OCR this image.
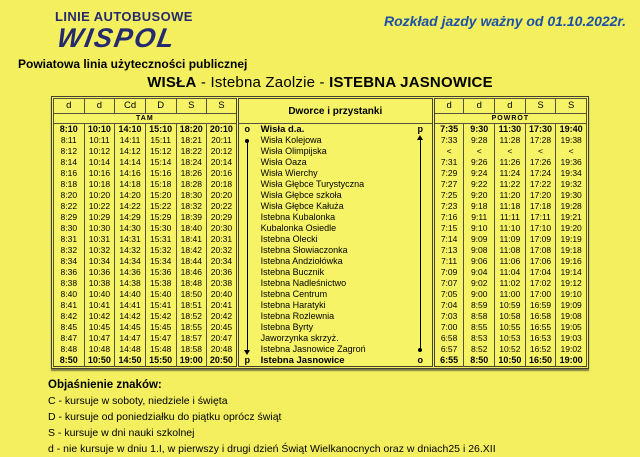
LINIE AUTOBUSOWE
WISPOL
Rozkład jazdy ważny od 01.10.2022r.
Powiatowa linia użyteczności publicznej
WISŁA - Istebna Zaolzie - ISTEBNA JASNOWICE
d	d	Cd	D	S	S	Dworce i przystanki			d	d	d	S	S
TAM									POWRÓT				
8:10	10:10	14:10	15:10	18:20	20:10	o	Wisła d.a.	p	7:35	9:30	11:30	17:30	19:40
8:11	10:11	14:11	15:11	18:21	20:11		Wisła Kolejowa		7:33	9:28	11:28	17:28	19:38
8:12	10:12	14:12	15:12	18:22	20:12		Wisła Olimpijska		<	<	<	<	<
8:14	10:14	14:14	15:14	18:24	20:14		Wisła Oaza		7:31	9:26	11:26	17:26	19:36
8:16	10:16	14:16	15:16	18:26	20:16		Wisła Wierchy		7:29	9:24	11:24	17:24	19:34
8:18	10:18	14:18	15:18	18:28	20:18		Wisła Głębce Turystyczna		7:27	9:22	11:22	17:22	19:32
8:20	10:20	14:20	15:20	18:30	20:20		Wisła Głębce szkoła		7:25	9:20	11:20	17:20	19:30
8:22	10:22	14:22	15:22	18:32	20:22		Wisła Głębce Kałuża		7:23	9:18	11:18	17:18	19:28
8:29	10:29	14:29	15:29	18:39	20:29		Istebna Kubalonka		7:16	9:11	11:11	17:11	19:21
8:30	10:30	14:30	15:30	18:40	20:30		Kubalonka Osiedle		7:15	9:10	11:10	17:10	19:20
8:31	10:31	14:31	15:31	18:41	20:31		Istebna Olecki		7:14	9:09	11:09	17:09	19:19
8:32	10:32	14:32	15:32	18:42	20:32		Istebna Słowiaczonka		7:13	9:08	11:08	17:08	19:18
8:34	10:34	14:34	15:34	18:44	20:34		Istebna Andziołówka		7:11	9:06	11:06	17:06	19:16
8:36	10:36	14:36	15:36	18:46	20:36		Istebna Bucznik		7:09	9:04	11:04	17:04	19:14
8:38	10:38	14:38	15:38	18:48	20:38		Istebna Nadleśnictwo		7:07	9:02	11:02	17:02	19:12
8:40	10:40	14:40	15:40	18:50	20:40		Istebna Centrum		7:05	9:00	11:00	17:00	19:10
8:41	10:41	14:41	15:41	18:51	20:41		Istebna Haratyki		7:04	8:59	10:59	16:59	19:09
8:42	10:42	14:42	15:42	18:52	20:42		Istebna Rozlewnia		7:03	8:58	10:58	16:58	19:08
8:45	10:45	14:45	15:45	18:55	20:45		Istebna Byrty		7:00	8:55	10:55	16:55	19:05
8:47	10:47	14:47	15:47	18:57	20:47		Jaworzynka skrzyż.		6:58	8:53	10:53	16:53	19:03
8:48	10:48	14:48	15:48	18:58	20:48		Istebna Jasnowice Zagroń		6:57	8:52	10:52	16:52	19:02
8:50	10:50	14:50	15:50	19:00	20:50	p	Istebna Jasnowice	o	6:55	8:50	10:50	16:50	19:00
Objaśnienie znaków:
C - kursuje w soboty, niedziele i święta
D - kursuje od poniedziałku do piątku oprócz świąt
S - kursuje w dni nauki szkolnej
d - nie kursuje w dniu 1.I, w pierwszy i drugi dzień Świąt Wielkanocnych oraz w dniach25 i 26.XII
